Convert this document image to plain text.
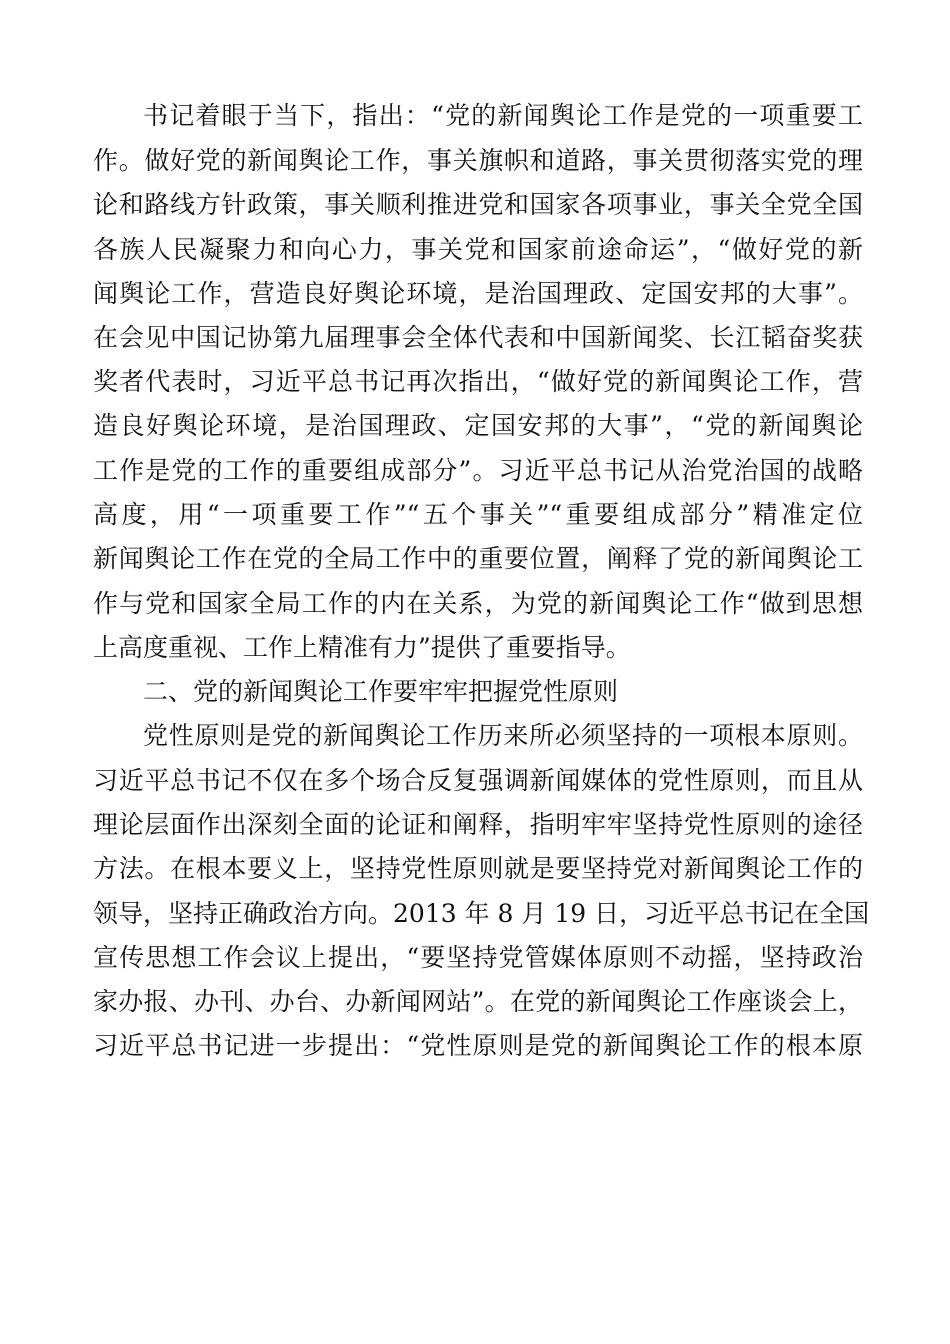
书记着眼于当下，指出：“党的新闻舆论工作是党的一项重要工
作。做好党的新闻舆论工作，事关旗帜和道路，事关贯彻落实党的理
论和路线方针政策，事关顺利推进党和国家各项事业，事关全党全国
各族人民凝聚力和向心力，事关党和国家前途命运”，“做好党的新
闻舆论工作，营造良好舆论环境，是治国理政、定国安邦的大事”。
在会见中国记协第九届理事会全体代表和中国新闻奖、长江韬奋奖获
奖者代表时，习近平总书记再次指出，“做好党的新闻舆论工作，营
造良好舆论环境，是治国理政、定国安邦的大事”，“党的新闻舆论
工作是党的工作的重要组成部分”。习近平总书记从治党治国的战略
高度，用“一项重要工作”“五个事关”“重要组成部分”精准定位
新闻舆论工作在党的全局工作中的重要位置，阐释了党的新闻舆论工
作与党和国家全局工作的内在关系，为党的新闻舆论工作“做到思想
上高度重视、工作上精准有力”提供了重要指导。
二、党的新闻舆论工作要牢牢把握党性原则
党性原则是党的新闻舆论工作历来所必须坚持的一项根本原则。
习近平总书记不仅在多个场合反复强调新闻媒体的党性原则，而且从
理论层面作出深刻全面的论证和阐释，指明牢牢坚持党性原则的途径
方法。在根本要义上，坚持党性原则就是要坚持党对新闻舆论工作的
领导，坚持正确政治方向。2013 年 8 月 19 日，习近平总书记在全国
宣传思想工作会议上提出，“要坚持党管媒体原则不动摇，坚持政治
家办报、办刊、办台、办新闻网站”。在党的新闻舆论工作座谈会上，
习近平总书记进一步提出：“党性原则是党的新闻舆论工作的根本原
